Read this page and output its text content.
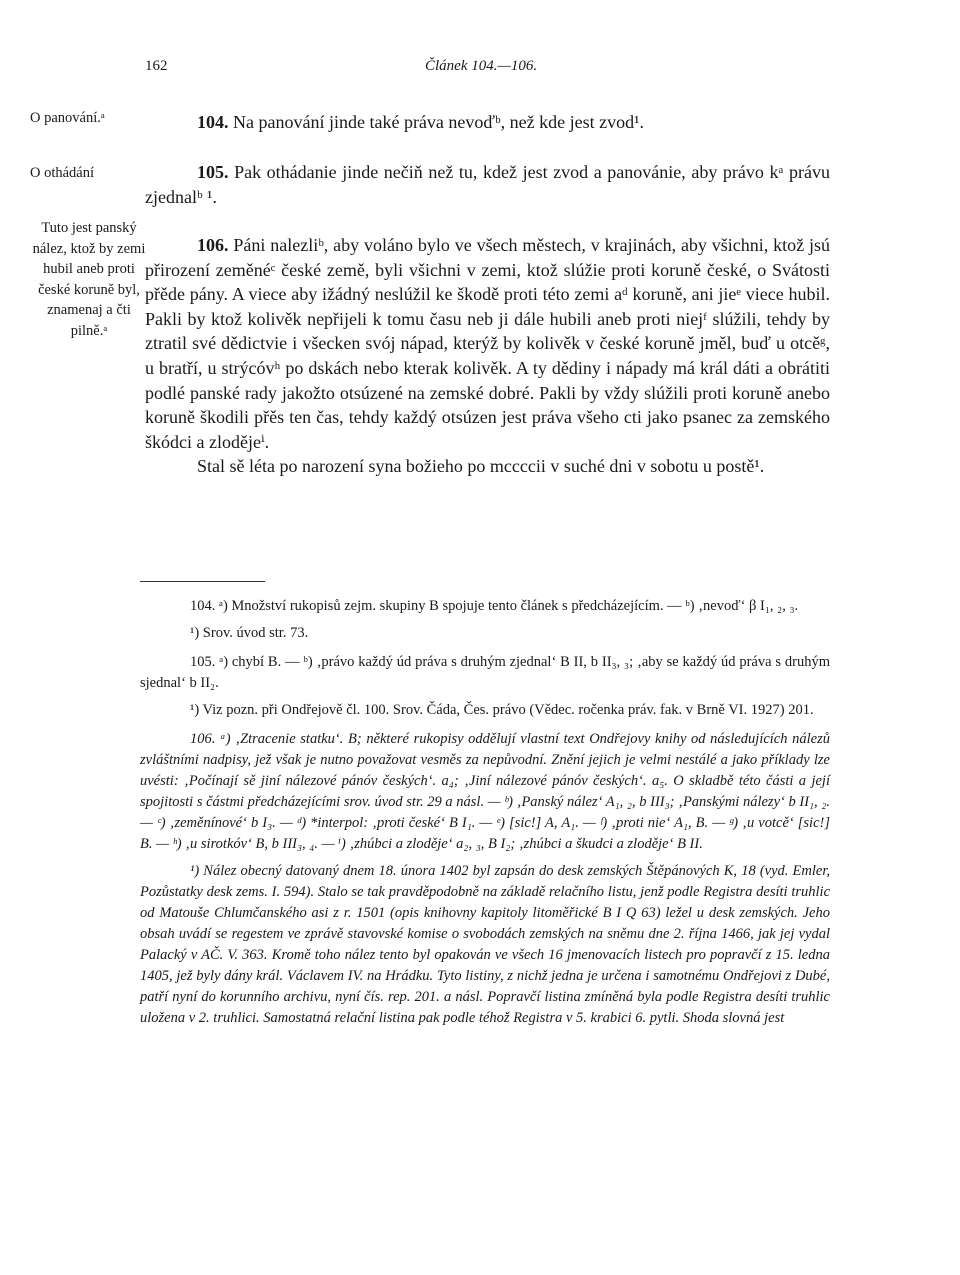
162	Článek 104.—106.
O panování.ᵃ
O othádání
Tuto jest panský nález, ktož by zemi hubil aneb proti české koruně byl, znamenaj a čti pilně.ᵃ

104. Na panování jinde také práva nevoďᵇ, než kde jest zvod¹.

105. Pak othádanie jinde nečiň než tu, kdež jest zvod a panovánie, aby právo kᵃ právu zjednalᵇ ¹.

106. Páni nalezliᵇ, aby voláno bylo ve všech městech, v krajinách, aby všichni, ktož jsú přirození zeměnéᶜ české země, byli všichni v zemi, ktož slúžie proti koruně české, o Svátosti přěde pány. A viece aby ižádný neslúžil ke škodě proti této zemi aᵈ koruně, ani jieᵉ viece hubil. Pakli by ktož kolivěk nepřijeli k tomu času neb ji dále hubili aneb proti niejᶠ slúžili, tehdy by ztratil své dědictvie i všecken svój nápad, kterýž by kolivěk v české koruně jměl, buď u otcěᵍ, u bratří, u strýcóvʰ po dskách nebo kterak kolivěk. A ty dědiny i nápady má král dáti a obrátiti podlé panské rady jakožto otsúzené na zemské dobré. Pakli by vždy slúžili proti koruně anebo koruně škodili přěs ten čas, tehdy každý otsúzen jest práva všeho cti jako psanec za zemského škódci a zlodějeⁱ.

Stal sě léta po narození syna božieho po mccccii v suché dni v sobotu u postě¹.

104. ᵃ) Množství rukopisů zejm. skupiny B spojuje tento článek s předcházejícím. — ᵇ) ‚nevoď‘ β I₁, ₂, ₃.

¹) Srov. úvod str. 73.

105. ᵃ) chybí B. — ᵇ) ‚právo každý úd práva s druhým zjednal‘ B II, b II₃, ₃; ‚aby se každý úd práva s druhým sjednal‘ b II₂.

¹) Viz pozn. při Ondřejově čl. 100. Srov. Čáda, Čes. právo (Vědec. ročenka práv. fak. v Brně VI. 1927) 201.

106. ᵃ) ‚Ztracenie statku‘. B; některé rukopisy oddělují vlastní text Ondřejovy knihy od následujících nálezů zvláštními nadpisy, jež však je nutno považovat vesměs za nepůvodní. Znění jejich je velmi nestálé a jako příklady lze uvésti: ‚Počínají sě jiní nálezové pánóv českých‘. a₄; ‚Jiní nálezové pánóv českých‘. a₅. O skladbě této části a její spojitosti s částmi předcházejícími srov. úvod str. 29 a násl. — ᵇ) ‚Panský nález‘ A₁, ₂, b III₃; ‚Panskými nálezy‘ b II₁, ₂. — ᶜ) ‚zeměnínové‘ b I₃. — ᵈ) *interpol: ‚proti české‘ B I₁. — ᵉ) [sic!] A, A₁. — ᶠ) ‚proti nie‘ A₁, B. — ᵍ) ‚u votcě‘ [sic!] B. — ʰ) ‚u sirotkóv‘ B, b III₃, ₄. — ⁱ) ‚zhúbci a zloděje‘ a₂, ₃, B I₂; ‚zhúbci a škudci a zloděje‘ B II.

¹) Nález obecný datovaný dnem 18. února 1402 byl zapsán do desk zemských Štěpánových K, 18 (vyd. Emler, Pozůstatky desk zems. I. 594). Stalo se tak pravděpodobně na základě relačního listu, jenž podle Registra desíti truhlic od Matouše Chlumčanského asi z r. 1501 (opis knihovny kapitoly litoměřické B I Q 63) ležel u desk zemských. Jeho obsah uvádí se regestem ve zprávě stavovské komise o svobodách zemských na sněmu dne 2. října 1466, jak jej vydal Palacký v AČ. V. 363. Kromě toho nález tento byl opakován ve všech 16 jmenovacích listech pro popravčí z 15. ledna 1405, jež byly dány král. Václavem IV. na Hrádku. Tyto listiny, z nichž jedna je určena i samotnému Ondřejovi z Dubé, patří nyní do korunního archivu, nyní čís. rep. 201. a násl. Popravčí listina zmíněná byla podle Registra desíti truhlic uložena v 2. truhlici. Samostatná relační listina pak podle téhož Registra v 5. krabici 6. pytli. Shoda slovná jest
